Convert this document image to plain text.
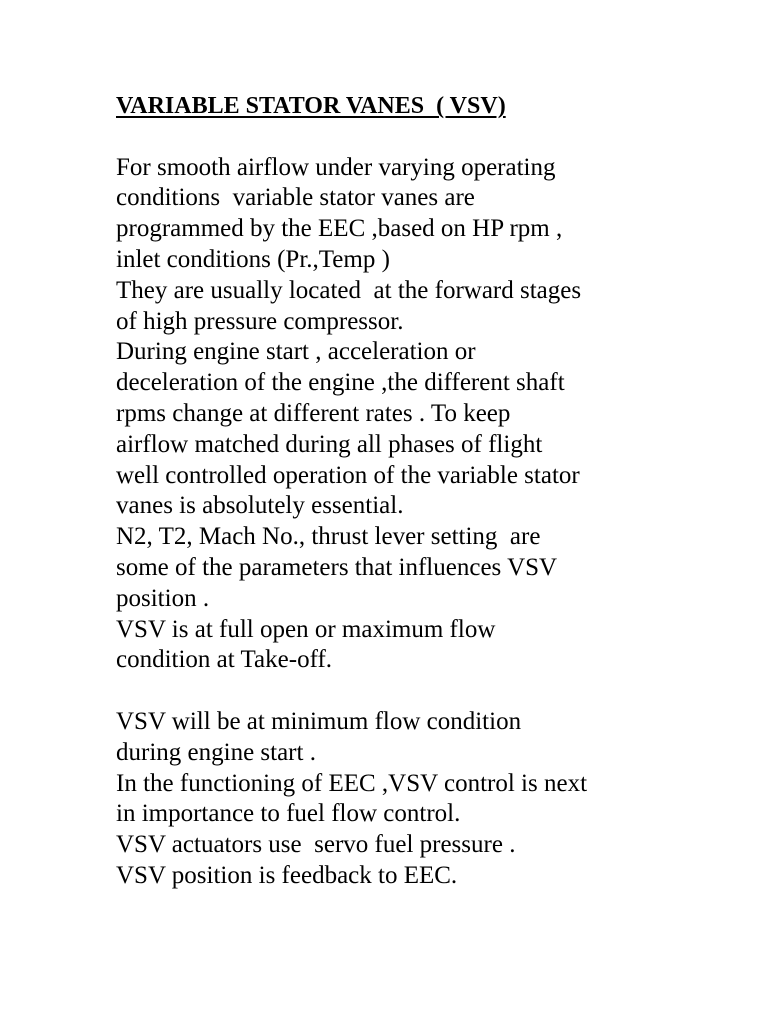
VARIABLE STATOR VANES  ( VSV)
For smooth airflow under varying operating
conditions  variable stator vanes are
programmed by the EEC ,based on HP rpm ,
inlet conditions (Pr.,Temp )
They are usually located  at the forward stages
of high pressure compressor.
During engine start , acceleration or
deceleration of the engine ,the different shaft
rpms change at different rates . To keep
airflow matched during all phases of flight
well controlled operation of the variable stator
vanes is absolutely essential.
N2, T2, Mach No., thrust lever setting  are
some of the parameters that influences VSV
position .
VSV is at full open or maximum flow
condition at Take-off.
VSV will be at minimum flow condition
during engine start .
In the functioning of EEC ,VSV control is next
in importance to fuel flow control.
VSV actuators use  servo fuel pressure .
VSV position is feedback to EEC.
